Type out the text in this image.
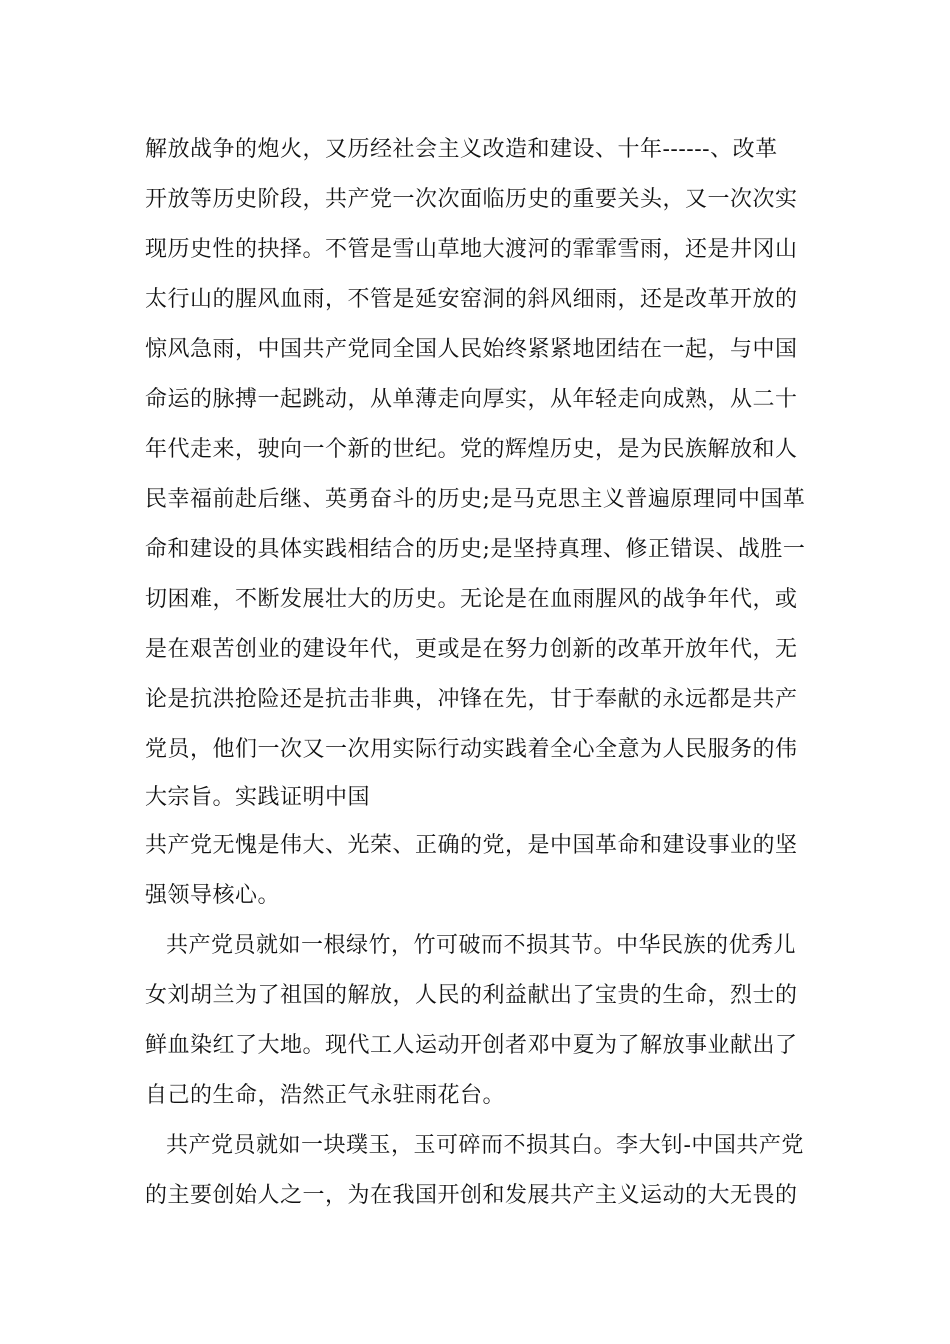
解放战争的炮火，又历经社会主义改造和建设、十年------、改革
开放等历史阶段，共产党一次次面临历史的重要关头，又一次次实
现历史性的抉择。不管是雪山草地大渡河的霏霏雪雨，还是井冈山
太行山的腥风血雨，不管是延安窑洞的斜风细雨，还是改革开放的
惊风急雨，中国共产党同全国人民始终紧紧地团结在一起，与中国
命运的脉搏一起跳动，从单薄走向厚实，从年轻走向成熟，从二十
年代走来，驶向一个新的世纪。党的辉煌历史，是为民族解放和人
民幸福前赴后继、英勇奋斗的历史;是马克思主义普遍原理同中国革
命和建设的具体实践相结合的历史;是坚持真理、修正错误、战胜一
切困难，不断发展壮大的历史。无论是在血雨腥风的战争年代，或
是在艰苦创业的建设年代，更或是在努力创新的改革开放年代，无
论是抗洪抢险还是抗击非典，冲锋在先，甘于奉献的永远都是共产
党员，他们一次又一次用实际行动实践着全心全意为人民服务的伟
大宗旨。实践证明中国
共产党无愧是伟大、光荣、正确的党，是中国革命和建设事业的坚
强领导核心。
共产党员就如一根绿竹，竹可破而不损其节。中华民族的优秀儿
女刘胡兰为了祖国的解放，人民的利益献出了宝贵的生命，烈士的
鲜血染红了大地。现代工人运动开创者邓中夏为了解放事业献出了
自己的生命，浩然正气永驻雨花台。
共产党员就如一块璞玉，玉可碎而不损其白。李大钊-中国共产党
的主要创始人之一，为在我国开创和发展共产主义运动的大无畏的
